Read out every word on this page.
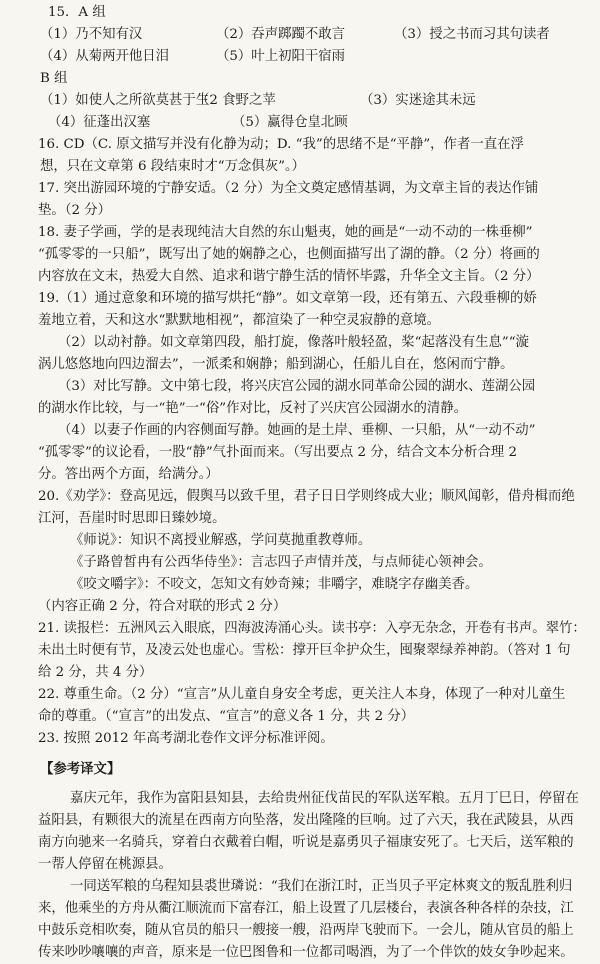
15．A 组
（1）乃不知有汉	（2）吞声踯躅不敢言	（3）授之书而习其句读者
（4）从菊两开他日泪	（5）叶上初阳干宿雨
B 组
（1）如使人之所欲莫甚于生
（2 食野之苹	（3）实迷途其未远
（4）征蓬出汉塞	（5）赢得仓皇北顾
16. CD（C. 原文描写并没有化静为动；D. “我”的思绪不是“平静”，作者一直在浮
想，只在文章第 6 段结束时才“万念俱灰”。）
17. 突出游园环境的宁静安适。（2 分）为全文奠定感情基调，为文章主旨的表达作铺
垫。（2 分）
18. 妻子学画，学的是表现纯洁大自然的东山魁夷，她的画是“一动不动的一株垂柳”
“孤零零的一只船”，既写出了她的娴静之心，也侧面描写出了湖的静。（2 分）将画的
内容放在文末，热爱大自然、追求和谐宁静生活的情怀毕露，升华全文主旨。（2 分）
19.（1）通过意象和环境的描写烘托“静”。如文章第一段，还有第五、六段垂柳的娇
羞地立着，天和这水“默默地相视”，都渲染了一种空灵寂静的意境。
（2）以动衬静。如文章第四段，船打旋，像落叶般轻盈，桨“起落没有生息”“漩
涡儿悠悠地向四边溜去”，一派柔和娴静；船到湖心，任船儿自在，悠闲而宁静。
（3）对比写静。文中第七段，将兴庆宫公园的湖水同革命公园的湖水、莲湖公园
的湖水作比较，与一“艳”一“俗”作对比，反衬了兴庆宫公园湖水的清静。
（4）以妻子作画的内容侧面写静。她画的是土岸、垂柳、一只船，从“一动不动”
“孤零零”的议论看，一股“静”气扑面而来。（写出要点 2 分，结合文本分析合理 2
分。答出两个方面，给满分。）
20.《劝学》：登高见远，假舆马以致千里，君子日日学则终成大业；顺风闻彰，借舟楫而绝
江河，吾崖时时思即日臻妙境。
《师说》：知识不离授业解惑，学问莫拋重教尊师。
《子路曾皙冉有公西华侍坐》：言志四子声情并茂，与点师徒心领神会。
《咬文嚼字》：不咬文，怎知文有妙奇辣；非嚼字，难晓字存幽美香。
（内容正确 2 分，符合对联的形式 2 分）
21. 读报栏：五洲风云入眼底，四海波涛涌心头。读书亭：入亭无杂念，开卷有书声。翠竹：
未出土时便有节，及凌云处也虚心。雪松：撑开巨伞护众生，囤聚翠绿养神韵。（答对 1 句
给 2 分，共 4 分）
22. 尊重生命。（2 分）“宣言”从儿童自身安全考虑，更关注人本身，体现了一种对儿童生
命的尊重。（“宣言”的出发点、“宣言”的意义各 1 分，共 2 分）
23. 按照 2012 年高考湖北卷作文评分标准评阅。
【参考译文】
嘉庆元年，我作为富阳县知县，去给贵州征伐苗民的军队送军粮。五月丁巳日，停留在
益阳县，有颗很大的流星在西南方向坠落，发出隆隆的巨响。过了六天，我在武陵县，从西
南方向驰来一名骑兵，穿着白衣戴着白帽，听说是嘉勇贝子福康安死了。七天后，送军粮的
一帮人停留在桃源县。
一同送军粮的乌程知县裘世璘说：“我们在浙江时，正当贝子平定林爽文的叛乱胜利归
来，他乘坐的方舟从衢江顺流而下富春江，船上设置了几层楼台，表演各种各样的杂技，江
中鼓乐竞相吹奏，随从官员的船只一艘接一艘，沿两岸飞驶而下。一会儿，随从官员的船上
传来吵吵嚷嚷的声音，原来是一位巴图鲁和一位都司喝酒，为了一个伴饮的妓女争吵起来。
